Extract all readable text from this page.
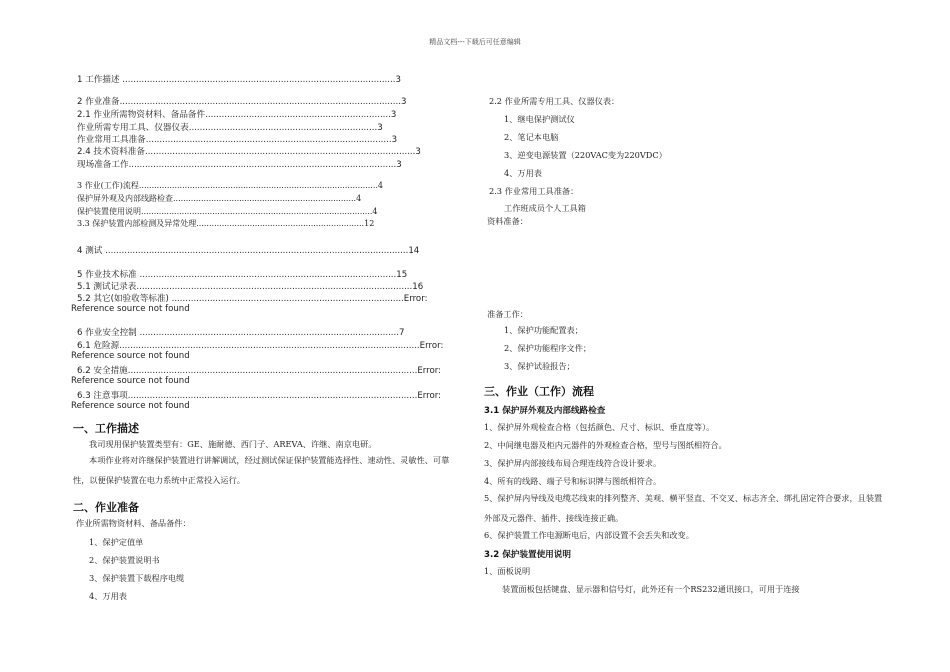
精品文档---下载后可任意编辑
1 工作描述 ....................................................................................................3
2 作业准备.......................................................................................................3
2.1 作业所需物资材料、备品备件....................................................................3
作业所需专用工具、仪器仪表.....................................................................3
作业常用工具准备..........................................................................................3
2.4 技术资料准备...................................................................................................3
现场准备工作..................................................................................................3
3 作业(工作)流程..............................................................................................4
保护屏外观及内部线路检查........................................................................4
保护装置使用说明...........................................................................................4
3.3 保护装置内部检测及异常处理..................................................................12
4 测试 ...............................................................................................................14
5 作业技术标准 ..............................................................................................15
5.1 测试记录表.....................................................................................................16
5.2 其它(如验收等标准) .....................................................................................Error:
Reference source not found
6 作业安全控制 ...............................................................................................7
6.1 危险源..............................................................................................................Error:
Reference source not found
6.2 安全措施..........................................................................................................Error:
Reference source not found
6.3 注意事项..........................................................................................................Error:
Reference source not found
一、工作描述
我司现用保护装置类型有：GE、施耐德、西门子、AREVA、许继、南京电研。
本项作业将对许继保护装置进行讲解调试，经过测试保证保护装置能选择性、速动性、灵敏性、可靠性，以便保护装置在电力系统中正常投入运行。
二、作业准备
作业所需物资材料、备品备件：
1、保护定值单
2、保护装置说明书
3、保护装置下载程序电缆
4、万用表
2.2 作业所需专用工具、仪器仪表：
1、继电保护测试仪
2、笔记本电脑
3、逆变电源装置（220VAC变为220VDC）
4、万用表
2.3 作业常用工具准备：
工作班成员个人工具箱
资料准备：
准备工作：
1、保护功能配置表；
2、保护功能程序文件；
3、保护试验报告；
三、作业（工作）流程
3.1 保护屏外观及内部线路检查
1、保护屏外观检查合格（包括颜色、尺寸、标识、垂直度等）。
2、中间继电器及柜内元器件的外观检查合格，型号与图纸相符合。
3、保护屏内部接线布局合理连线符合设计要求。
4、所有的线路、端子号和标识牌与图纸相符合。
5、保护屏内导线及电缆芯线束的排列整齐、美观、横平竖直、不交叉、标志齐全、绑扎固定符合要求，且装置外部及元器件、插件、接线连接正确。
6、保护装置工作电源断电后，内部设置不会丢失和改变。
3.2 保护装置使用说明
1、面板说明
装置面板包括键盘、显示器和信号灯，此外还有一个RS232通讯接口，可用于连接
